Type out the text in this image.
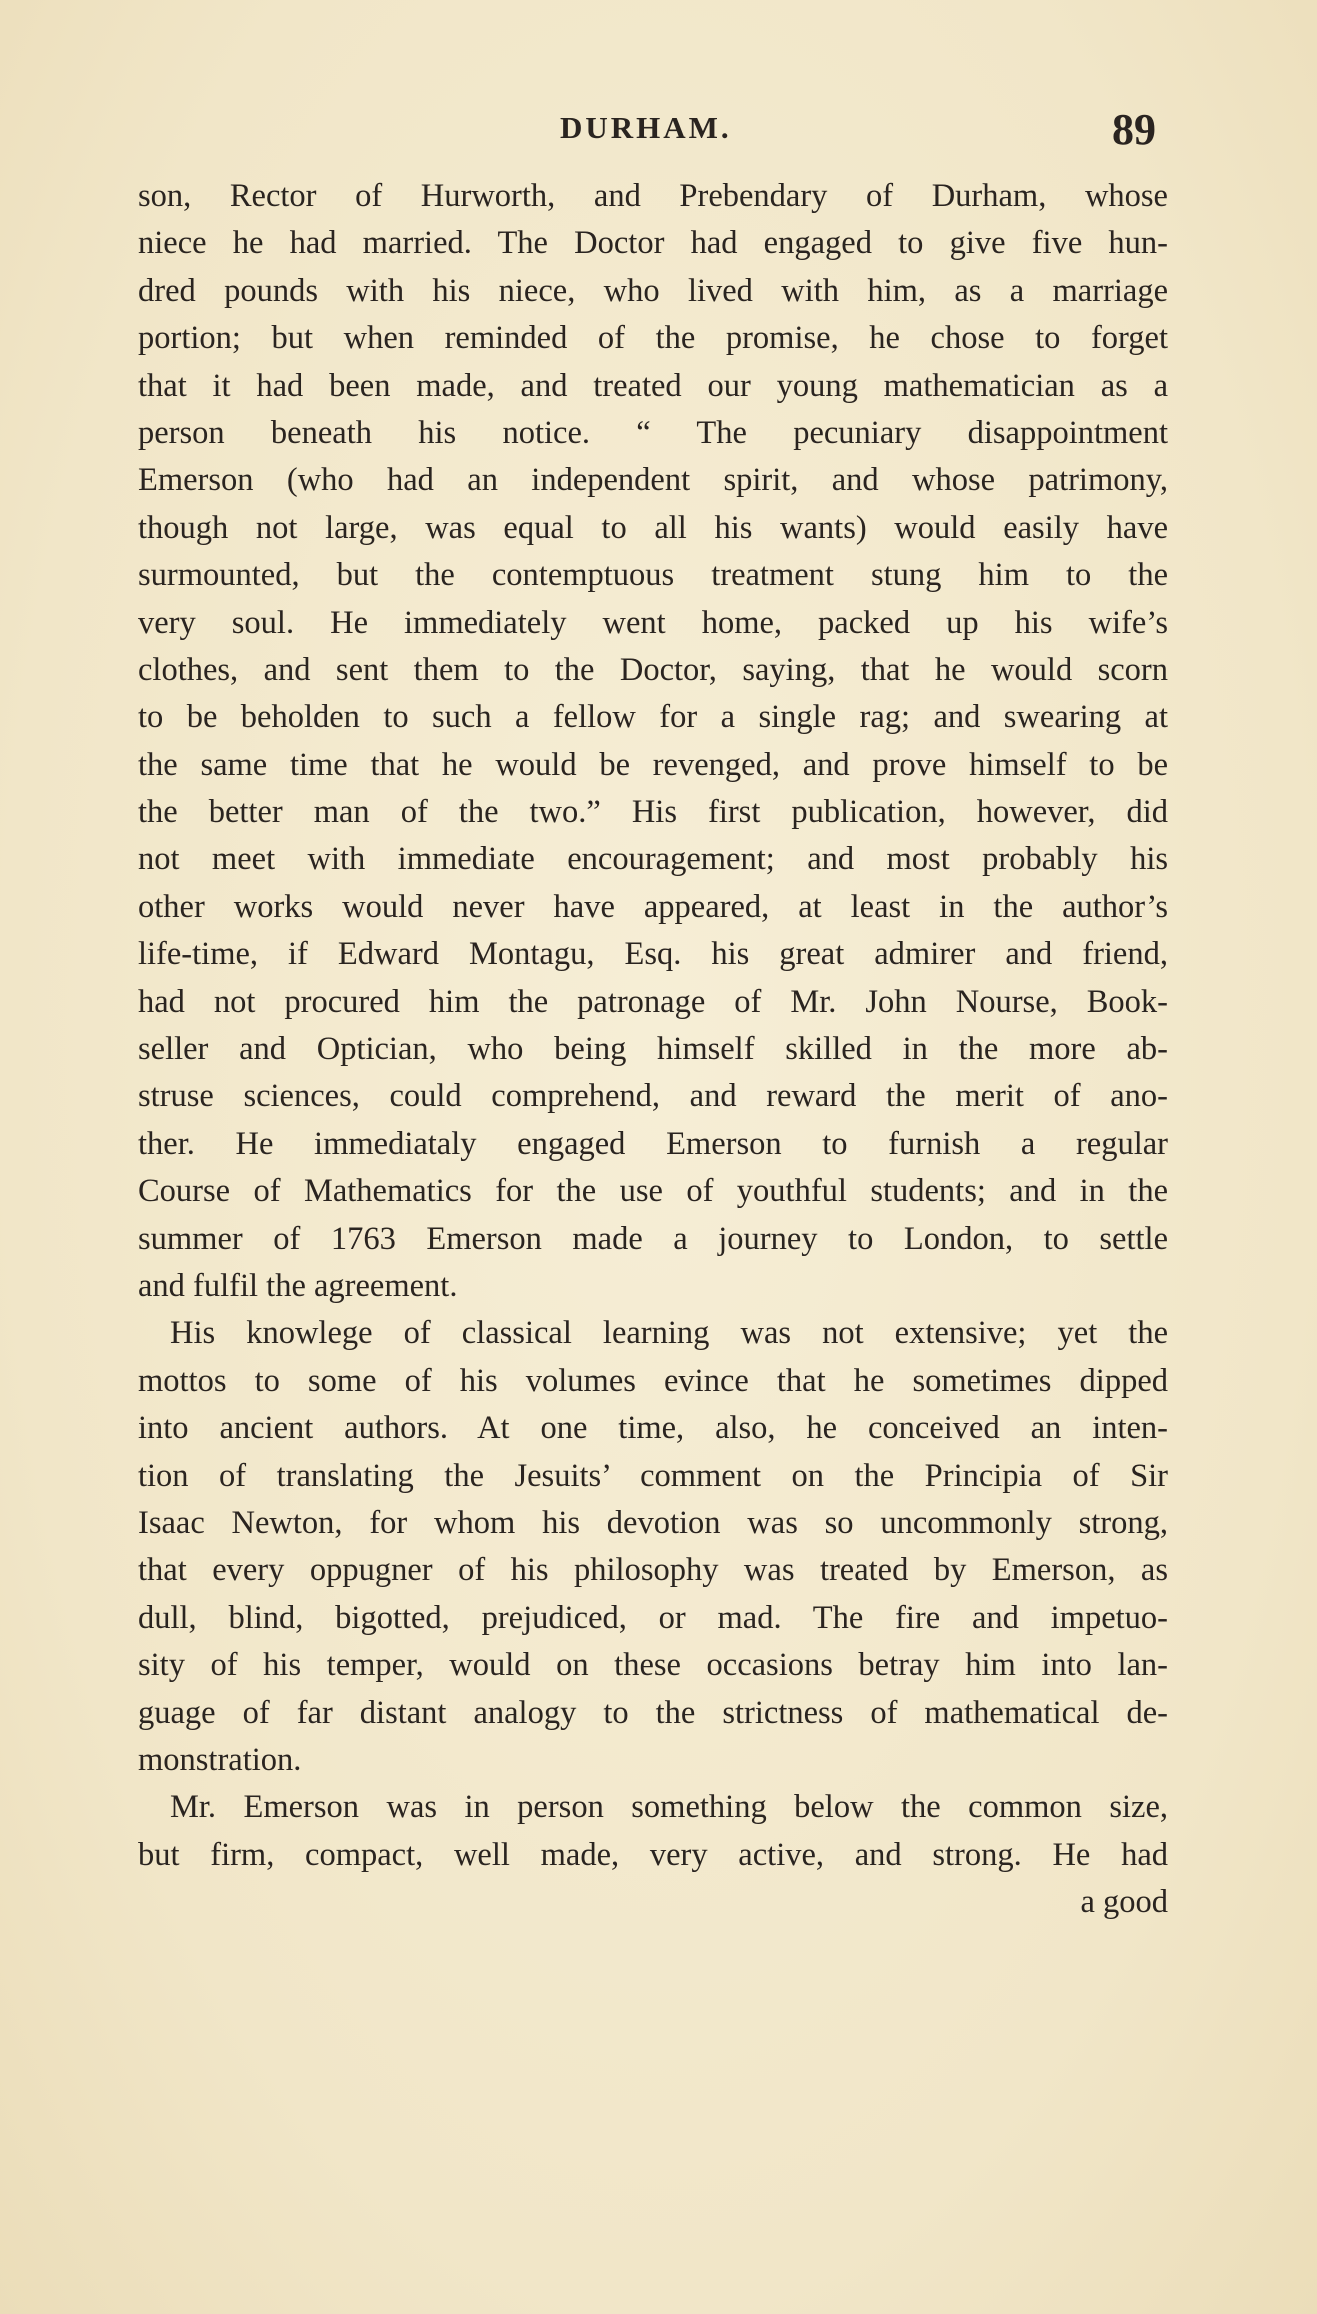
DURHAM.	89
son, Rector of Hurworth, and Prebendary of Durham, whose
niece he had married. The Doctor had engaged to give five hun-
dred pounds with his niece, who lived with him, as a marriage
portion; but when reminded of the promise, he chose to forget
that it had been made, and treated our young mathematician as a
person beneath his notice. “ The pecuniary disappointment
Emerson (who had an independent spirit, and whose patrimony,
though not large, was equal to all his wants) would easily have
surmounted, but the contemptuous treatment stung him to the
very soul. He immediately went home, packed up his wife’s
clothes, and sent them to the Doctor, saying, that he would scorn
to be beholden to such a fellow for a single rag; and swearing at
the same time that he would be revenged, and prove himself to be
the better man of the two.” His first publication, however, did
not meet with immediate encouragement; and most probably his
other works would never have appeared, at least in the author’s
life-time, if Edward Montagu, Esq. his great admirer and friend,
had not procured him the patronage of Mr. John Nourse, Book-
seller and Optician, who being himself skilled in the more ab-
struse sciences, could comprehend, and reward the merit of ano-
ther. He immediataly engaged Emerson to furnish a regular
Course of Mathematics for the use of youthful students; and in the
summer of 1763 Emerson made a journey to London, to settle
and fulfil the agreement.
His knowlege of classical learning was not extensive; yet the
mottos to some of his volumes evince that he sometimes dipped
into ancient authors. At one time, also, he conceived an inten-
tion of translating the Jesuits’ comment on the Principia of Sir
Isaac Newton, for whom his devotion was so uncommonly strong,
that every oppugner of his philosophy was treated by Emerson, as
dull, blind, bigotted, prejudiced, or mad. The fire and impetuo-
sity of his temper, would on these occasions betray him into lan-
guage of far distant analogy to the strictness of mathematical de-
monstration.
Mr. Emerson was in person something below the common size,
but firm, compact, well made, very active, and strong. He had
a good
